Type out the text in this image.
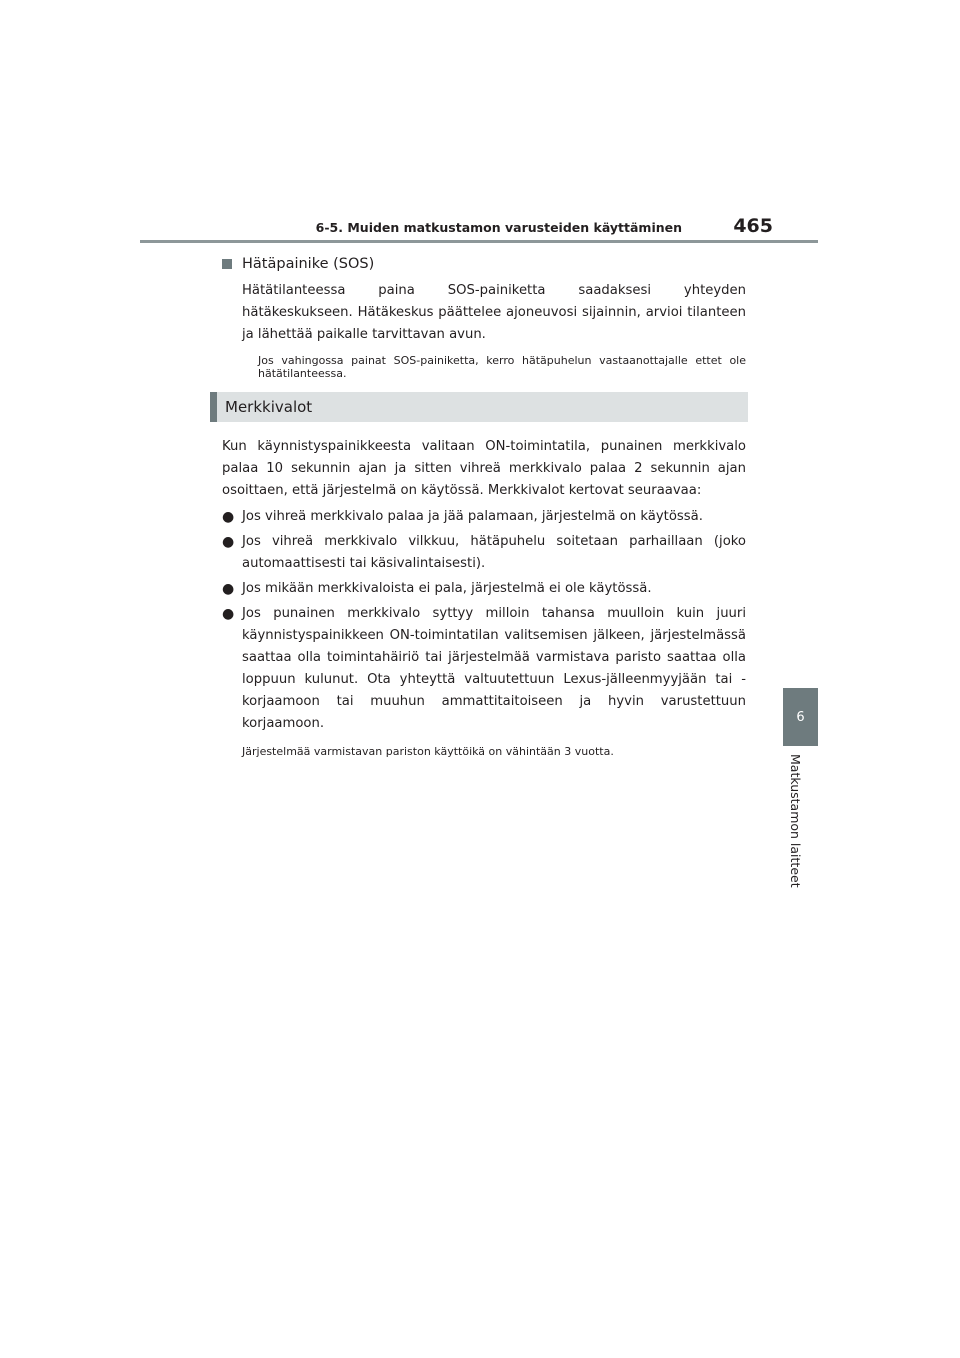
6-5. Muiden matkustamon varusteiden käyttäminen	465
6
Matkustamon laitteet
Hätäpainike (SOS)

Hätätilanteessa paina SOS-painiketta saadaksesi yhteyden hätäkeskukseen. Hätäkeskus päättelee ajoneuvosi sijainnin, arvioi tilanteen ja lähettää paikalle tarvittavan avun.

Jos vahingossa painat SOS-painiketta, kerro hätäpuhelun vastaanottajalle ettet ole hätätilanteessa.

Merkkivalot

Kun käynnistyspainikkeesta valitaan ON-toimintatila, punainen merkkivalo palaa 10 sekunnin ajan ja sitten vihreä merkkivalo palaa 2 sekunnin ajan osoittaen, että järjestelmä on käytössä. Merkkivalot kertovat seuraavaa:

● Jos vihreä merkkivalo palaa ja jää palamaan, järjestelmä on käytössä.
● Jos vihreä merkkivalo vilkkuu, hätäpuhelu soitetaan parhaillaan (joko automaattisesti tai käsivalintaisesti).
● Jos mikään merkkivaloista ei pala, järjestelmä ei ole käytössä.
● Jos punainen merkkivalo syttyy milloin tahansa muulloin kuin juuri käynnistyspainikkeen ON-toimintatilan valitsemisen jälkeen, järjestelmässä saattaa olla toimintahäiriö tai järjestelmää varmistava paristo saattaa olla loppuun kulunut. Ota yhteyttä valtuutettuun Lexus-jälleenmyyjään tai -korjaamoon tai muuhun ammattitaitoiseen ja hyvin varustettuun korjaamoon.

Järjestelmää varmistavan pariston käyttöikä on vähintään 3 vuotta.
